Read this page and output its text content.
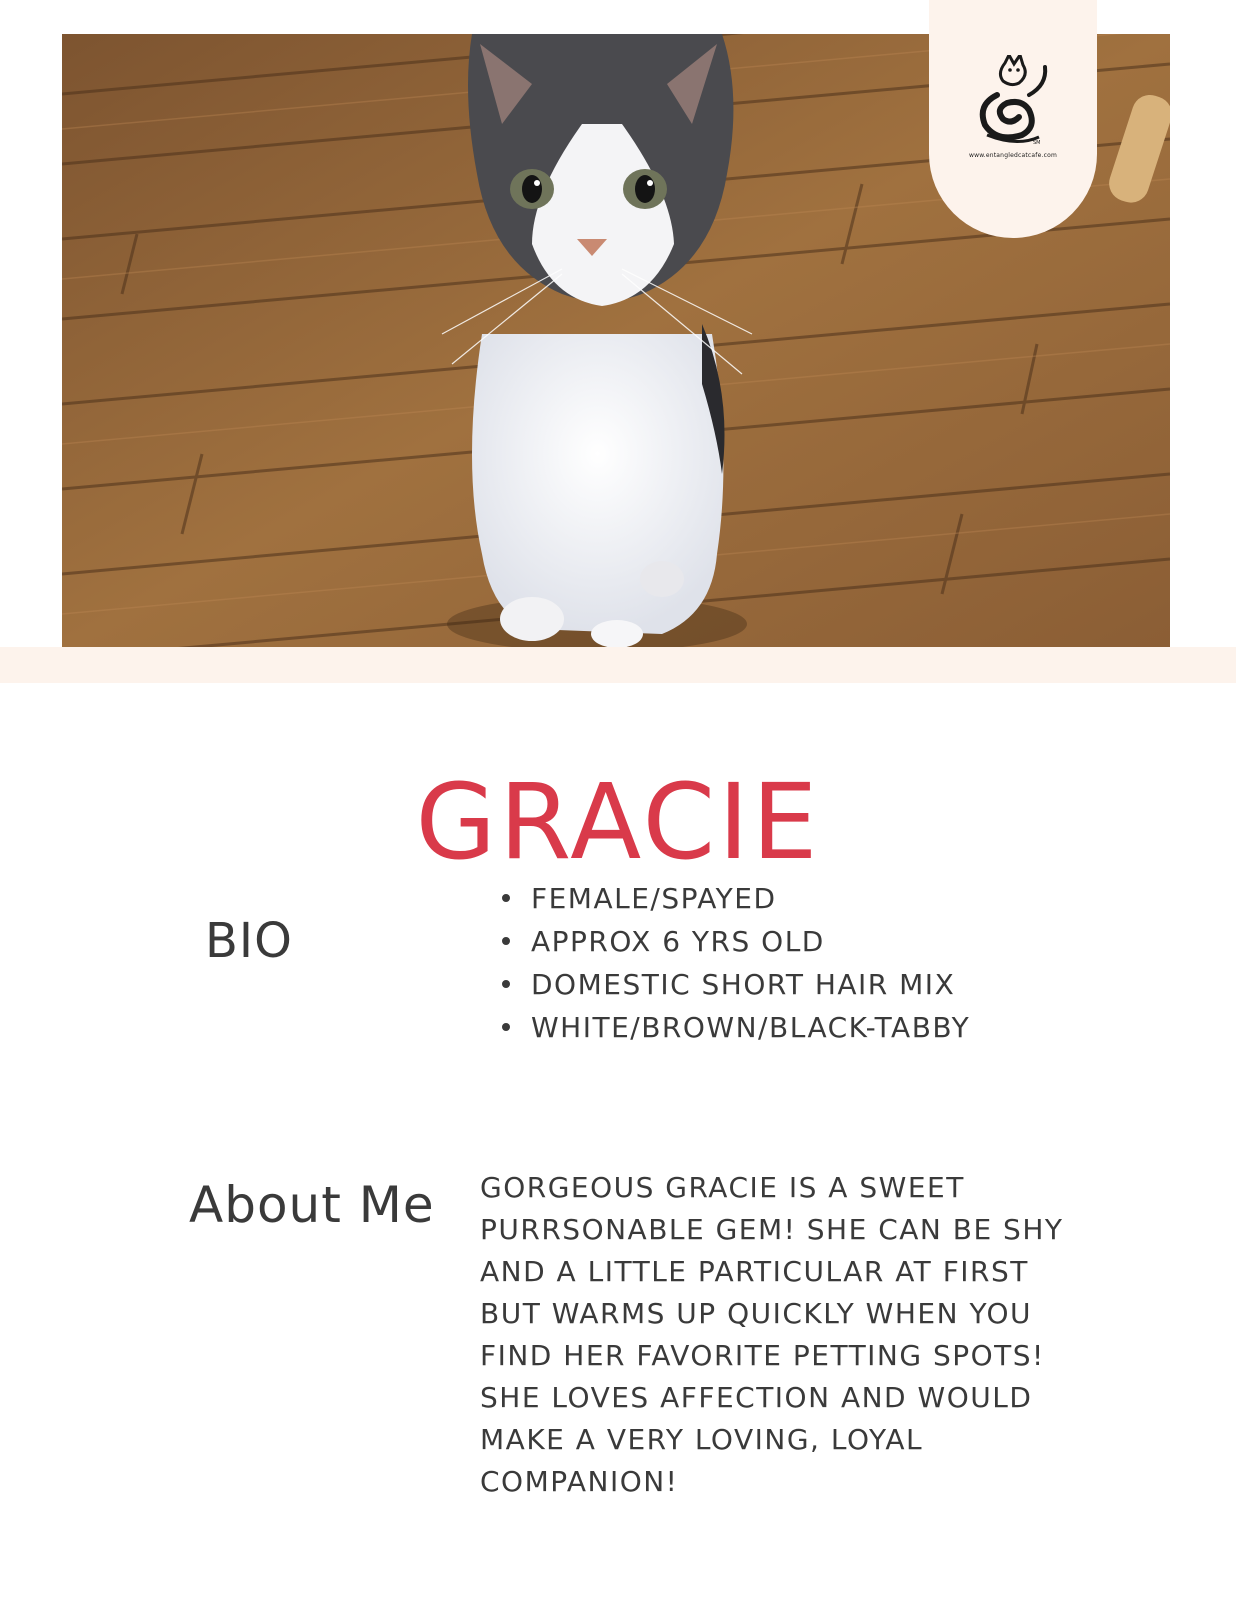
SM
www.entangledcatcafe.com
GRACIE
BIO
FEMALE/SPAYED
APPROX 6 YRS OLD
DOMESTIC SHORT HAIR MIX
WHITE/BROWN/BLACK-TABBY
About Me GORGEOUS GRACIE IS A SWEET PURRSONABLE GEM! SHE CAN BE SHY AND A LITTLE PARTICULAR AT FIRST BUT WARMS UP QUICKLY WHEN YOU FIND HER FAVORITE PETTING SPOTS! SHE LOVES AFFECTION AND WOULD MAKE A VERY LOVING, LOYAL COMPANION!
